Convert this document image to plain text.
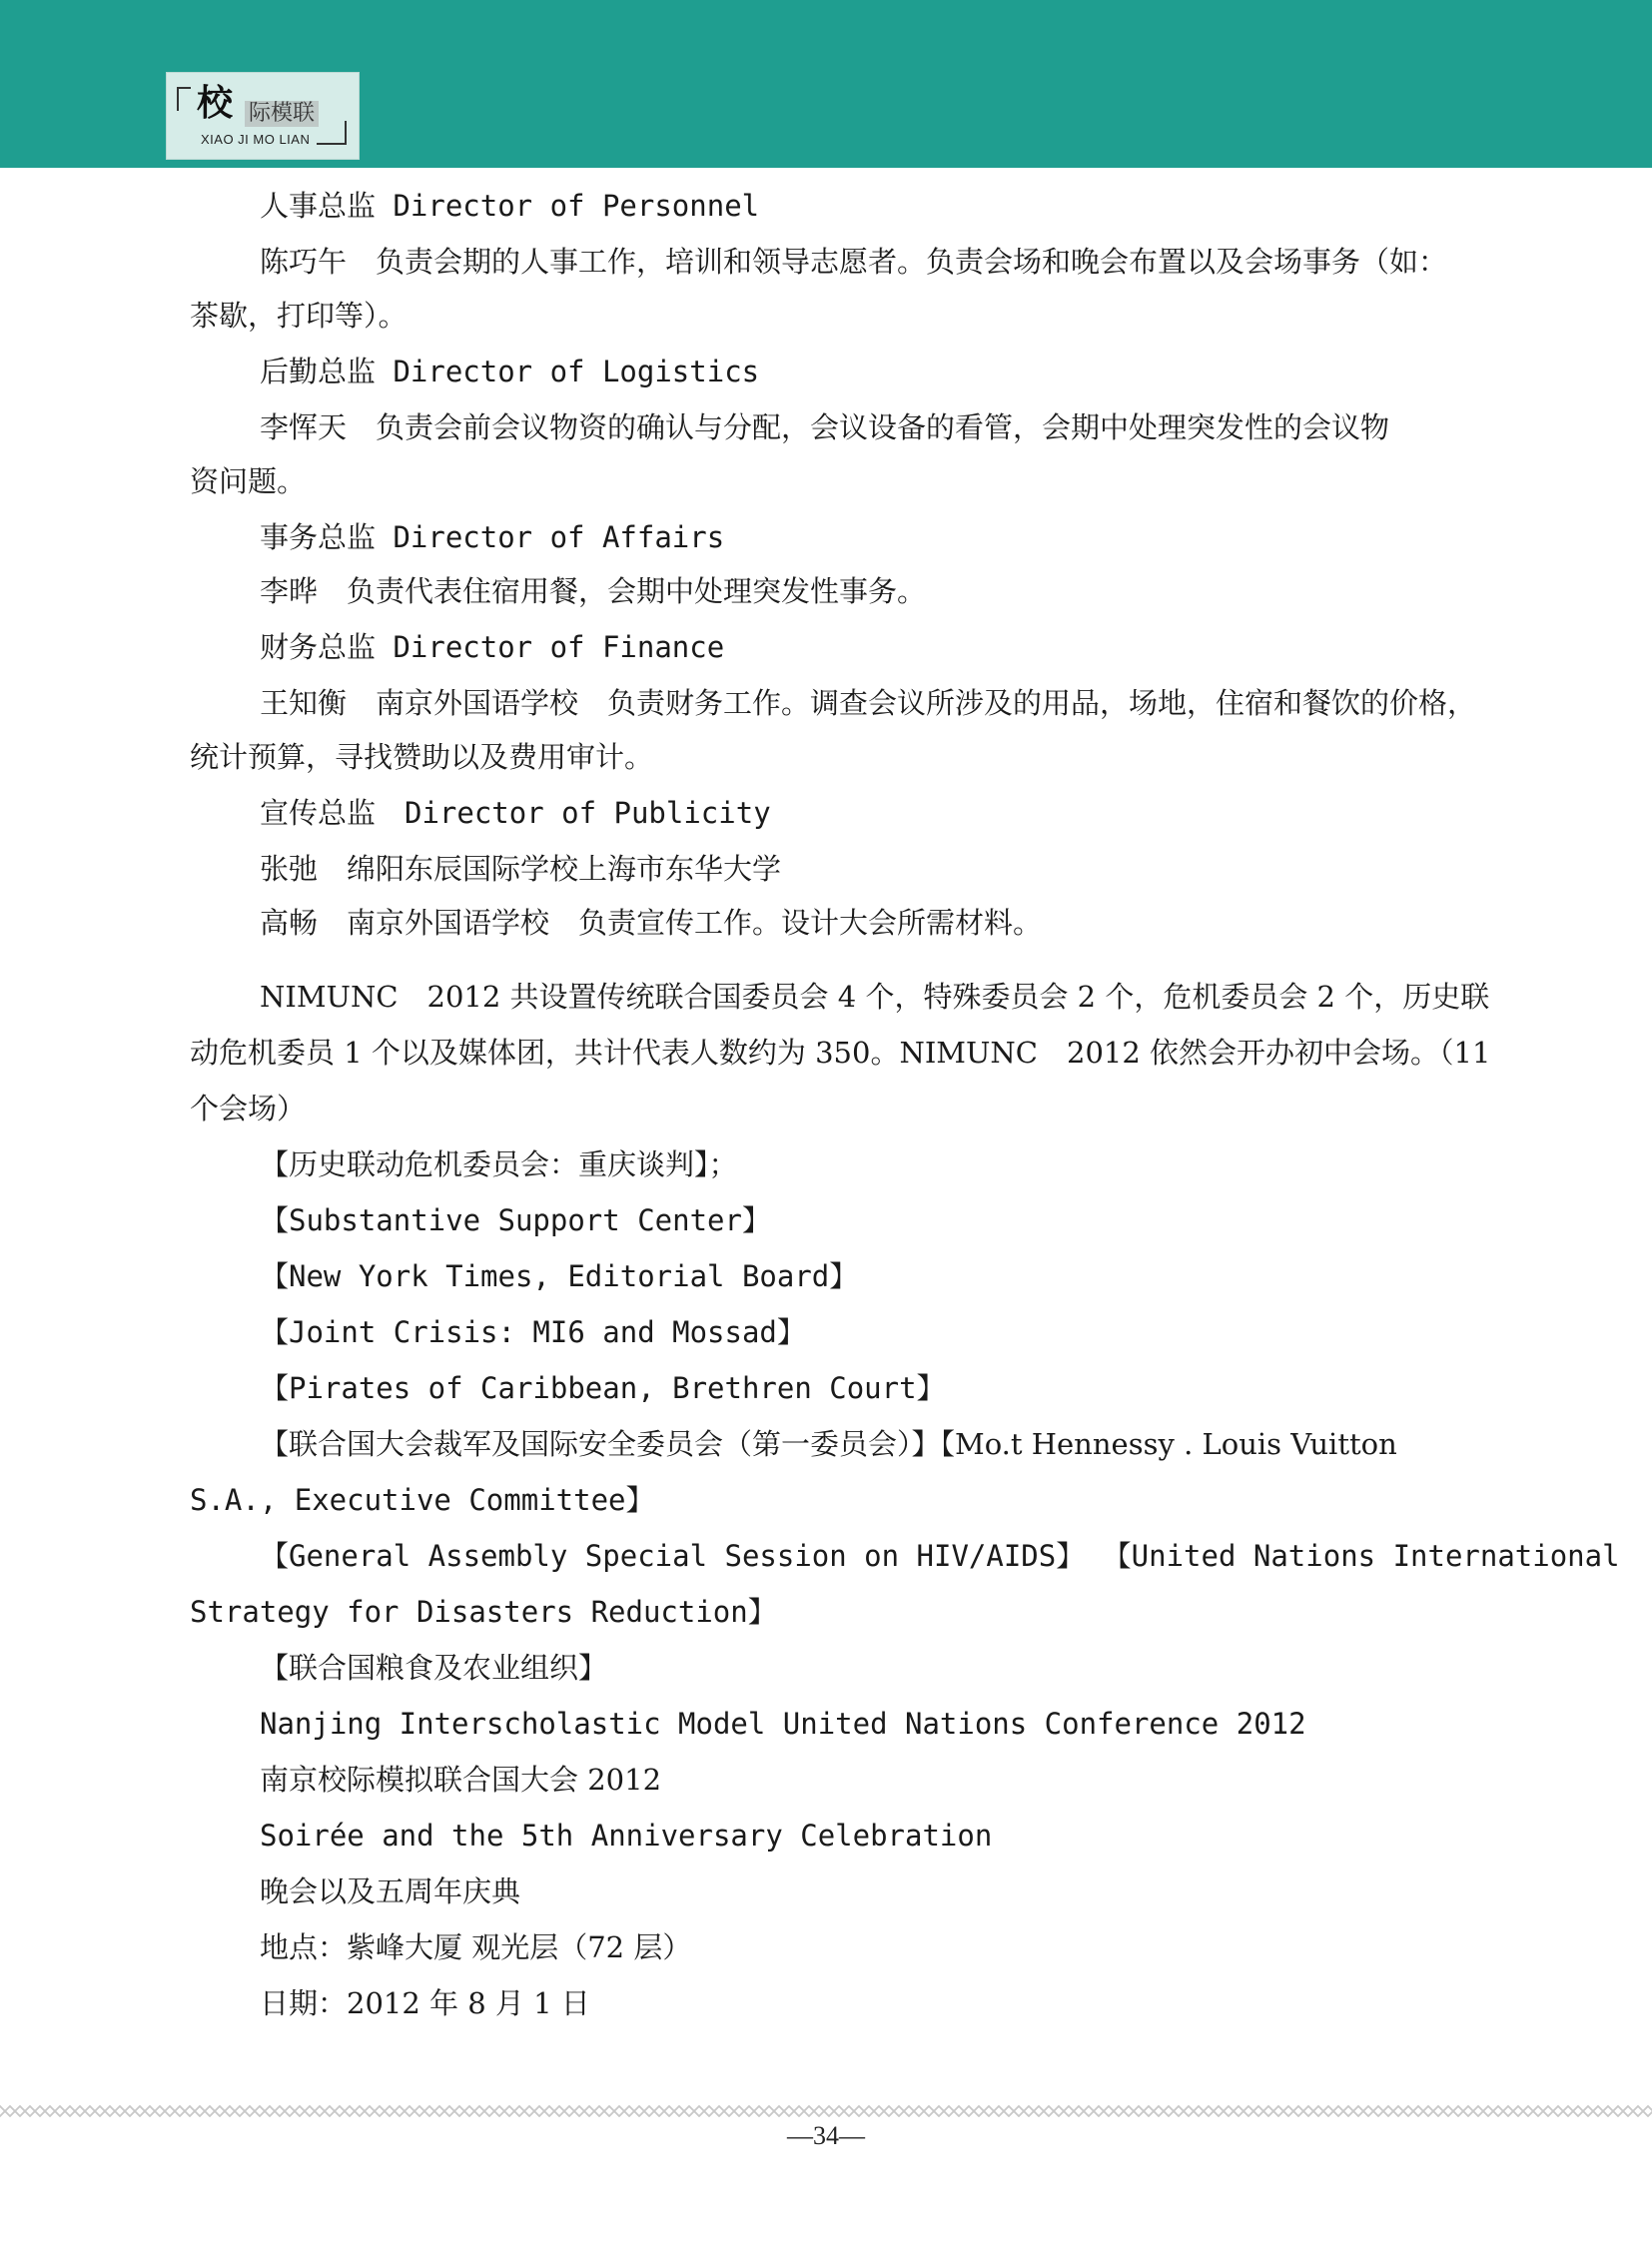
校 际模联
XIAO JI MO LIAN
人事总监 Director of Personnel
陈巧午　负责会期的人事工作，培训和领导志愿者。负责会场和晚会布置以及会场事务（如：
茶歇，打印等）。
后勤总监 Director of Logistics
李恽天　负责会前会议物资的确认与分配，会议设备的看管，会期中处理突发性的会议物
资问题。
事务总监 Director of Affairs
李晔　负责代表住宿用餐，会期中处理突发性事务。
财务总监 Director of Finance
王知衡　南京外国语学校　负责财务工作。调查会议所涉及的用品，场地，住宿和餐饮的价格，
统计预算，寻找赞助以及费用审计。
宣传总监　Director of Publicity
张弛　绵阳东辰国际学校上海市东华大学
高畅　南京外国语学校　负责宣传工作。设计大会所需材料。
NIMUNC　2012 共设置传统联合国委员会 4 个，特殊委员会 2 个，危机委员会 2 个，历史联
动危机委员 1 个以及媒体团，共计代表人数约为 350。NIMUNC　2012 依然会开办初中会场。（11
个会场）
【历史联动危机委员会：重庆谈判】；
【Substantive Support Center】
【New York Times, Editorial Board】
【Joint Crisis: MI6 and Mossad】
【Pirates of Caribbean, Brethren Court】
【联合国大会裁军及国际安全委员会（第一委员会）】【Mo.t Hennessy . Louis Vuitton
S.A., Executive Committee】
【General Assembly Special Session on HIV/AIDS】 【United Nations International
Strategy for Disasters Reduction】
【联合国粮食及农业组织】
Nanjing Interscholastic Model United Nations Conference 2012
南京校际模拟联合国大会 2012
Soirée and the 5th Anniversary Celebration
晚会以及五周年庆典
地点：紫峰大厦 观光层（72 层）
日期：2012 年 8 月 1 日
—34—
